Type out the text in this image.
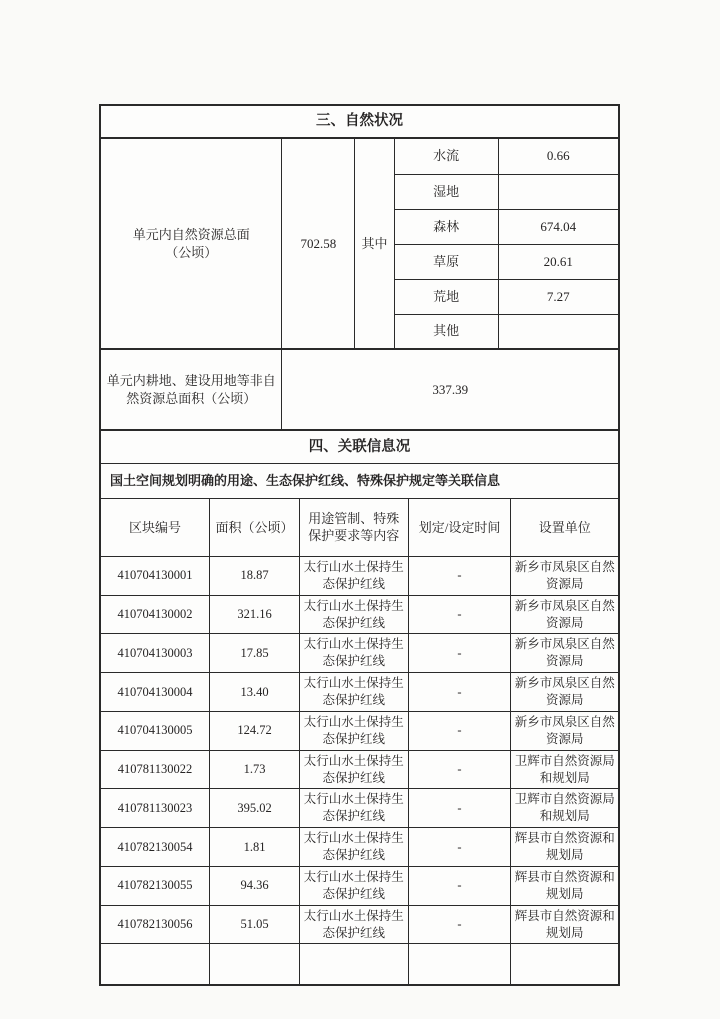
三、自然状况
单元内自然资源总面
（公顷）	702.58	其中	水流	0.66
			湿地	
			森林	674.04
			草原	20.61
			荒地	7.27
			其他	

单元内耕地、建设用地等非自
然资源总面积（公顷）	337.39			
四、关联信息况
国土空间规划明确的用途、生态保护红线、特殊保护规定等关联信息
区块编号	面积（公顷）	用途管制、特殊保护要求等内容	划定/设定时间	设置单位
410704130001	18.87	太行山水土保持生态保护红线	-	新乡市凤泉区自然资源局
410704130002	321.16	太行山水土保持生态保护红线	-	新乡市凤泉区自然资源局
410704130003	17.85	太行山水土保持生态保护红线	-	新乡市凤泉区自然资源局
410704130004	13.40	太行山水土保持生态保护红线	-	新乡市凤泉区自然资源局
410704130005	124.72	太行山水土保持生态保护红线	-	新乡市凤泉区自然资源局
410781130022	1.73	太行山水土保持生态保护红线	-	卫辉市自然资源局和规划局
410781130023	395.02	太行山水土保持生态保护红线	-	卫辉市自然资源局和规划局
410782130054	1.81	太行山水土保持生态保护红线	-	辉县市自然资源和规划局
410782130055	94.36	太行山水土保持生态保护红线	-	辉县市自然资源和规划局
410782130056	51.05	太行山水土保持生态保护红线	-	辉县市自然资源和规划局
